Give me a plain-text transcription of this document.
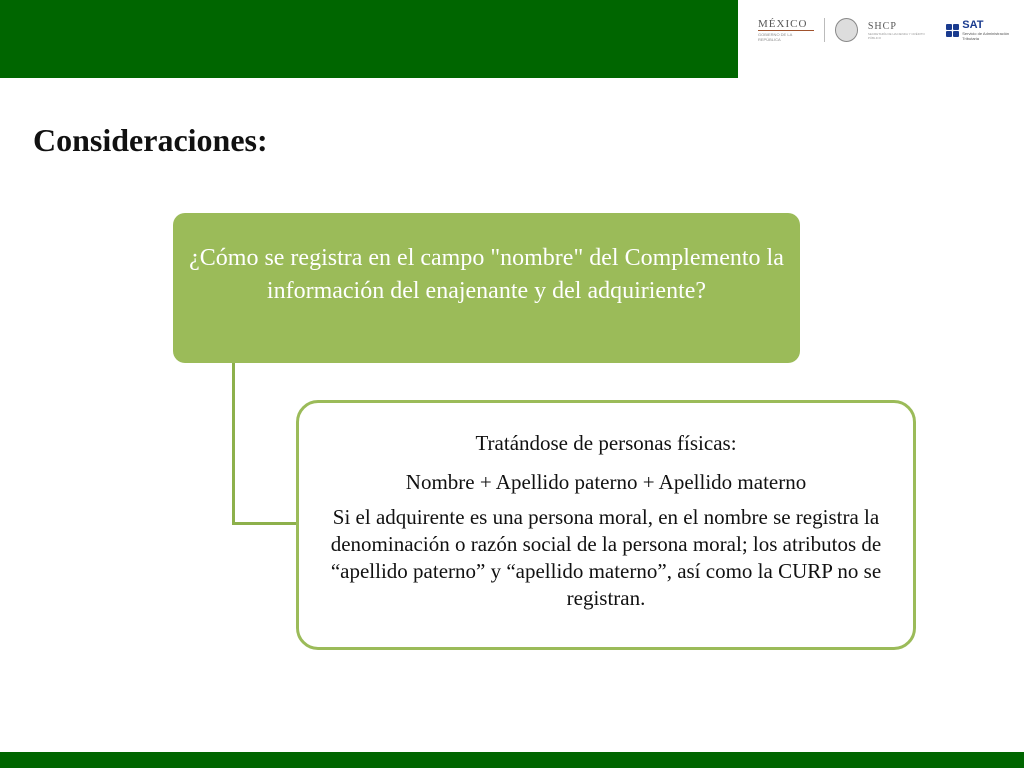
MÉXICO
GOBIERNO DE LA REPÚBLICA
SHCP
SECRETARÍA DE HACIENDA Y CRÉDITO PÚBLICO
SAT
Servicio de Administración Tributaria
Consideraciones:
¿Cómo se registra en el campo "nombre" del Complemento la información del enajenante y del adquiriente?

Tratándose de personas físicas:

Nombre + Apellido paterno + Apellido materno

Si el adquirente es una persona moral, en el nombre se registra la denominación o razón social de la persona moral; los atributos de “apellido paterno” y “apellido materno”, así como la CURP no se registran.
